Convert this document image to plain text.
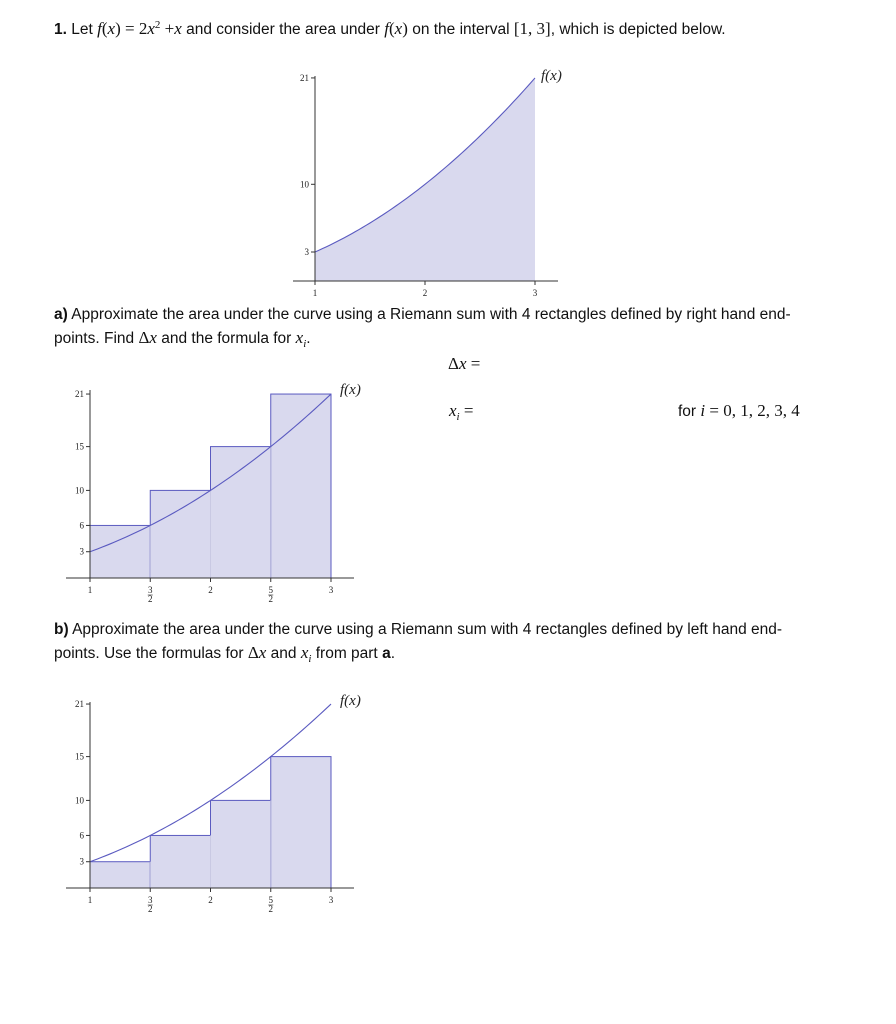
1. Let $f(x) = 2x^2 +x$ and consider the area under f(x) on the interval [1, 3], which is depicted below.
3
10
21
1	2	3
f(x)
a) Approximate the area under the curve using a Riemann sum with 4 rectangles defined by right hand end-
points. Find Δx and the formula for $x_i$.
Δx =
$x_i$ =	for i = 0, 1, 2, 3, 4
3
6
10
15
21
1	3
2
2	5
2
3
f(x)
b) Approximate the area under the curve using a Riemann sum with 4 rectangles defined by left hand end-
points. Use the formulas for Δx and $x_i$ from part a.
3
6
10
15
21
1	3
2
2	5
2
3
f(x)
